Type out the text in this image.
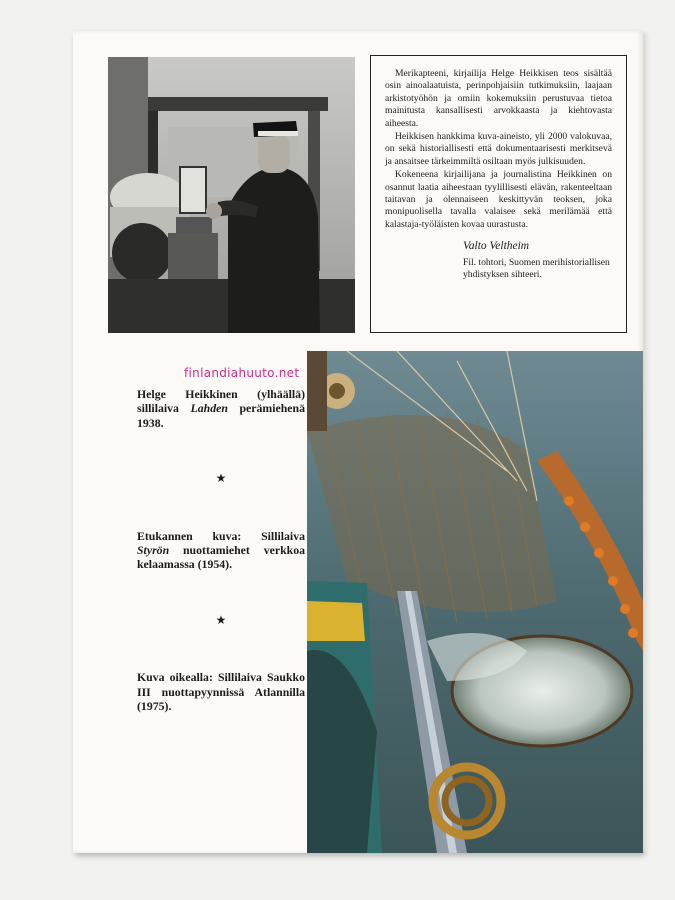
Merikapteeni, kirjailija Helge Heikkisen teos sisältää osin ainoalaatuista, perinpohjaisiin tutkimuksiin, laajaan arkistotyöhön ja omiin kokemuksiin perustuvaa tietoa mainitusta kansallisesti arvokkaasta ja kiehtovasta aiheesta.

Heikkisen hankkima kuva-aineisto, yli 2000 valokuvaa, on sekä historiallisesti että dokumentaarisesti merkitsevä ja ansaitsee tärkeimmiltä osiltaan myös julkisuuden.

Kokeneena kirjailijana ja journalistina Heikkinen on osannut laatia aiheestaan tyylillisesti elävän, rakenteeltaan taitavan ja olennaiseen keskittyvän teoksen, joka monipuolisella tavalla valaisee sekä merilämää että kalastaja-työläisten kovaa uurastusta.

Valto Veltheim

Fil. tohtori, Suomen merihistoriallisen yhdistyksen sihteeri.

Helge Heikkinen (ylhäällä) sillilaiva Lahden perämiehenä 1938.
★
Etukannen kuva: Sillilaiva Styrön nuottamiehet verkkoa kelaamassa (1954).
★
Kuva oikealla: Sillilaiva Saukko III nuottapyynnissä Atlannilla (1975).
finlandiahuuto.net
